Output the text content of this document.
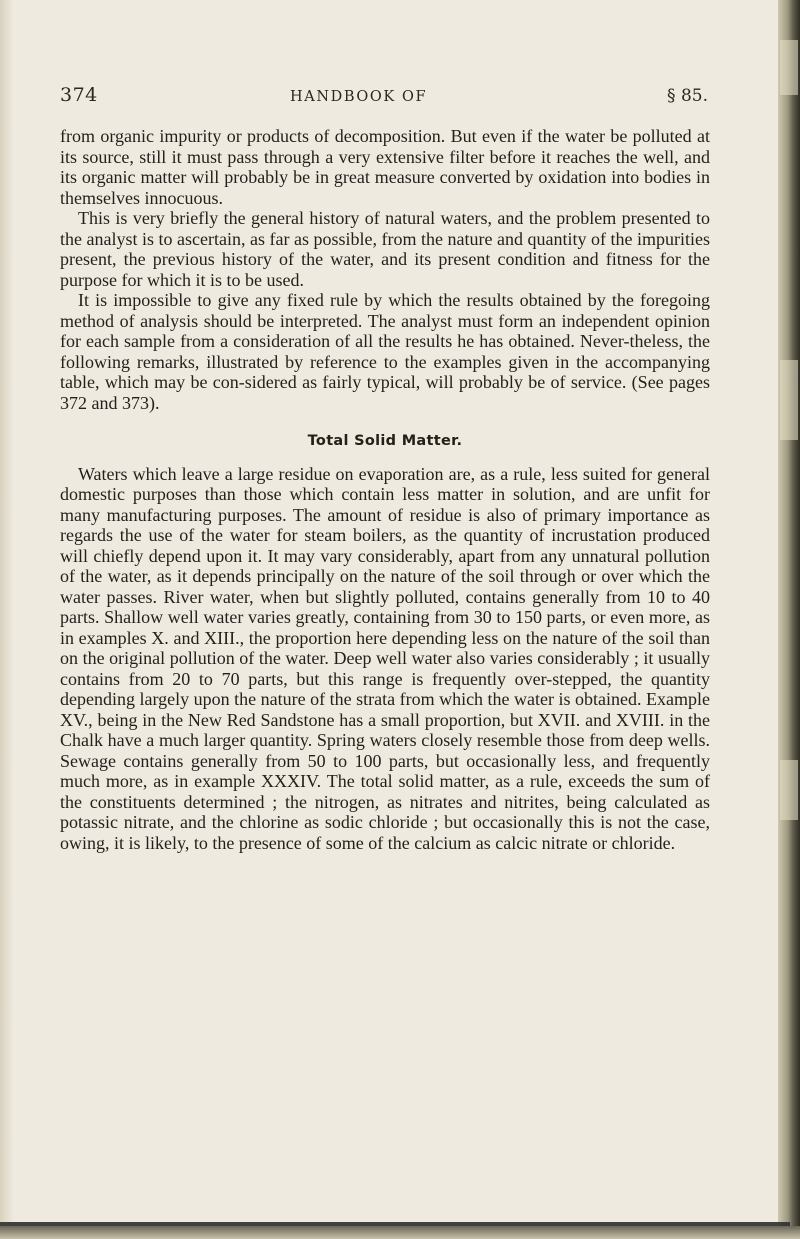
374	HANDBOOK OF	§ 85.

from organic impurity or products of decomposition. But even if the water be polluted at its source, still it must pass through a very extensive filter before it reaches the well, and its organic matter will probably be in great measure converted by oxidation into bodies in themselves innocuous.

This is very briefly the general history of natural waters, and the problem presented to the analyst is to ascertain, as far as possible, from the nature and quantity of the impurities present, the previous history of the water, and its present condition and fitness for the purpose for which it is to be used.

It is impossible to give any fixed rule by which the results obtained by the foregoing method of analysis should be interpreted. The analyst must form an independent opinion for each sample from a consideration of all the results he has obtained. Never-theless, the following remarks, illustrated by reference to the examples given in the accompanying table, which may be con-sidered as fairly typical, will probably be of service. (See pages 372 and 373).

Total Solid Matter.

Waters which leave a large residue on evaporation are, as a rule, less suited for general domestic purposes than those which contain less matter in solution, and are unfit for many manufacturing purposes. The amount of residue is also of primary importance as regards the use of the water for steam boilers, as the quantity of incrustation produced will chiefly depend upon it. It may vary considerably, apart from any unnatural pollution of the water, as it depends principally on the nature of the soil through or over which the water passes. River water, when but slightly polluted, contains generally from 10 to 40 parts. Shallow well water varies greatly, containing from 30 to 150 parts, or even more, as in examples X. and XIII., the proportion here depending less on the nature of the soil than on the original pollution of the water. Deep well water also varies considerably ; it usually contains from 20 to 70 parts, but this range is frequently over-stepped, the quantity depending largely upon the nature of the strata from which the water is obtained. Example XV., being in the New Red Sandstone has a small proportion, but XVII. and XVIII. in the Chalk have a much larger quantity. Spring waters closely resemble those from deep wells. Sewage contains generally from 50 to 100 parts, but occasionally less, and frequently much more, as in example XXXIV. The total solid matter, as a rule, exceeds the sum of the constituents determined ; the nitrogen, as nitrates and nitrites, being calculated as potassic nitrate, and the chlorine as sodic chloride ; but occasionally this is not the case, owing, it is likely, to the presence of some of the calcium as calcic nitrate or chloride.
